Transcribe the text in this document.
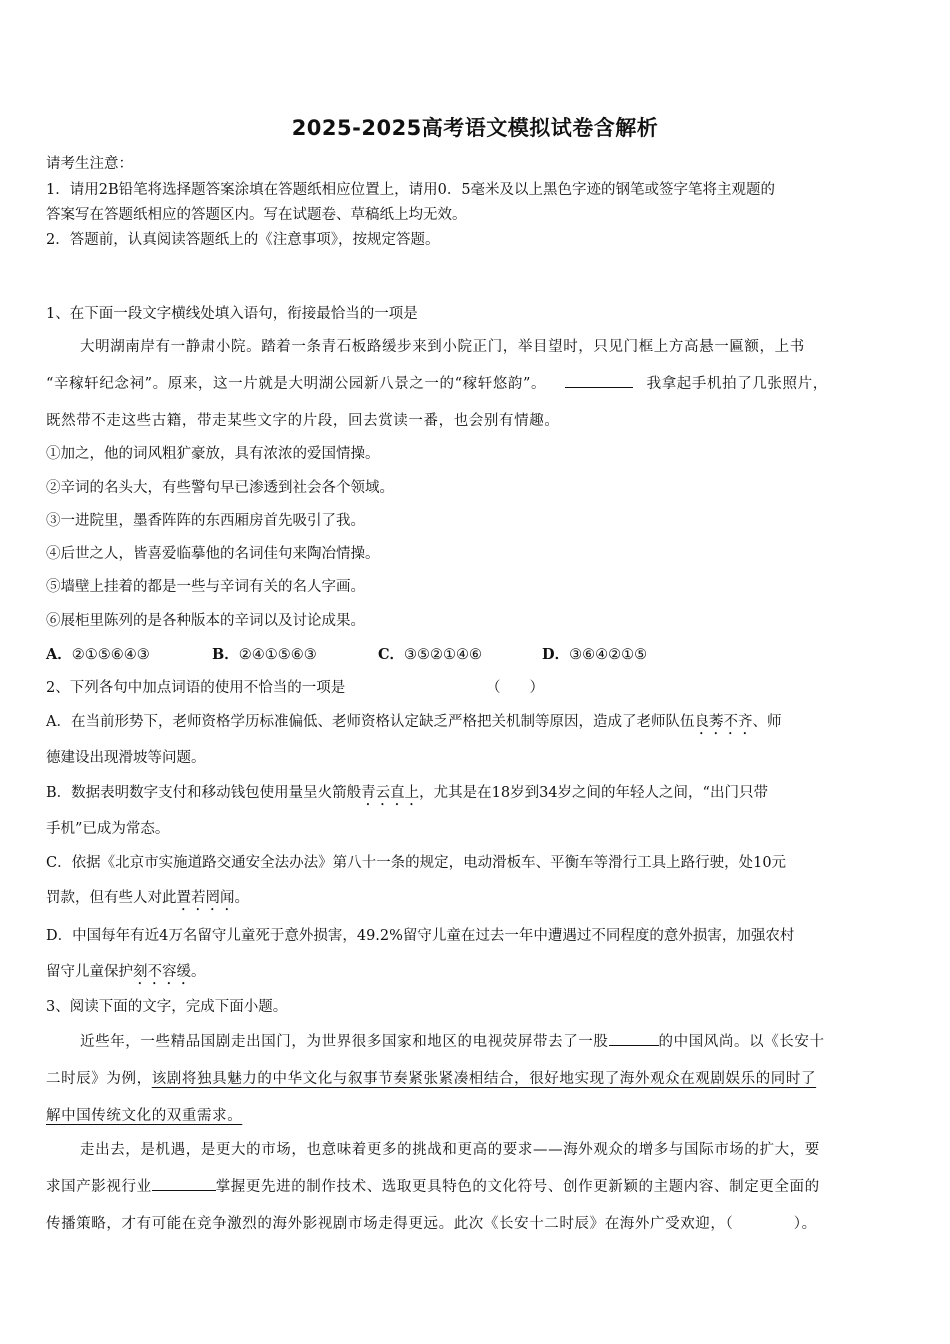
2025-2025高考语文模拟试卷含解析
请考生注意：
1．请用2B铅笔将选择题答案涂填在答题纸相应位置上，请用0．5毫米及以上黑色字迹的钢笔或签字笔将主观题的
答案写在答题纸相应的答题区内。写在试题卷、草稿纸上均无效。
2．答题前，认真阅读答题纸上的《注意事项》，按规定答题。
1、在下面一段文字横线处填入语句，衔接最恰当的一项是
大明湖南岸有一静肃小院。踏着一条青石板路缓步来到小院正门，举目望时，只见门框上方高悬一匾额，上书
“辛稼轩纪念祠”。原来，这一片就是大明湖公园新八景之一的“稼轩悠韵”。	我拿起手机拍了几张照片，
既然带不走这些古籍，带走某些文字的片段，回去赏读一番，也会别有情趣。
①加之，他的词风粗犷豪放，具有浓浓的爱国情操。
②辛词的名头大，有些警句早已渗透到社会各个领域。
③一进院里，墨香阵阵的东西厢房首先吸引了我。
④后世之人，皆喜爱临摹他的名词佳句来陶冶情操。
⑤墙壁上挂着的都是一些与辛词有关的名人字画。
⑥展柜里陈列的是各种版本的辛词以及讨论成果。
A．②①⑤⑥④③	B．②④①⑤⑥③	C．③⑤②①④⑥	D．③⑥④②①⑤
2、下列各句中加点词语的使用不恰当的一项是	（　　）
A．在当前形势下，老师资格学历标准偏低、老师资格认定缺乏严格把关机制等原因，造成了老师队伍良莠不齐、师
德建设出现滑坡等问题。
B．数据表明数字支付和移动钱包使用量呈火箭般青云直上，尤其是在18岁到34岁之间的年轻人之间，“出门只带
手机”已成为常态。
C．依据《北京市实施道路交通安全法办法》第八十一条的规定，电动滑板车、平衡车等滑行工具上路行驶，处10元
罚款，但有些人对此置若罔闻。
D．中国每年有近4万名留守儿童死于意外损害，49.2%留守儿童在过去一年中遭遇过不同程度的意外损害，加强农村
留守儿童保护刻不容缓。
3、阅读下面的文字，完成下面小题。
近些年，一些精品国剧走出国门，为世界很多国家和地区的电视荧屏带去了一股	的中国风尚。以《长安十
二时辰》为例，该剧将独具魅力的中华文化与叙事节奏紧张紧凑相结合，很好地实现了海外观众在观剧娱乐的同时了
解中国传统文化的双重需求。
走出去，是机遇，是更大的市场，也意味着更多的挑战和更高的要求——海外观众的增多与国际市场的扩大，要
求国产影视行业	掌握更先进的制作技术、选取更具特色的文化符号、创作更新颖的主题内容、制定更全面的
传播策略，才有可能在竞争激烈的海外影视剧市场走得更远。此次《长安十二时辰》在海外广受欢迎，（　　　　）。
